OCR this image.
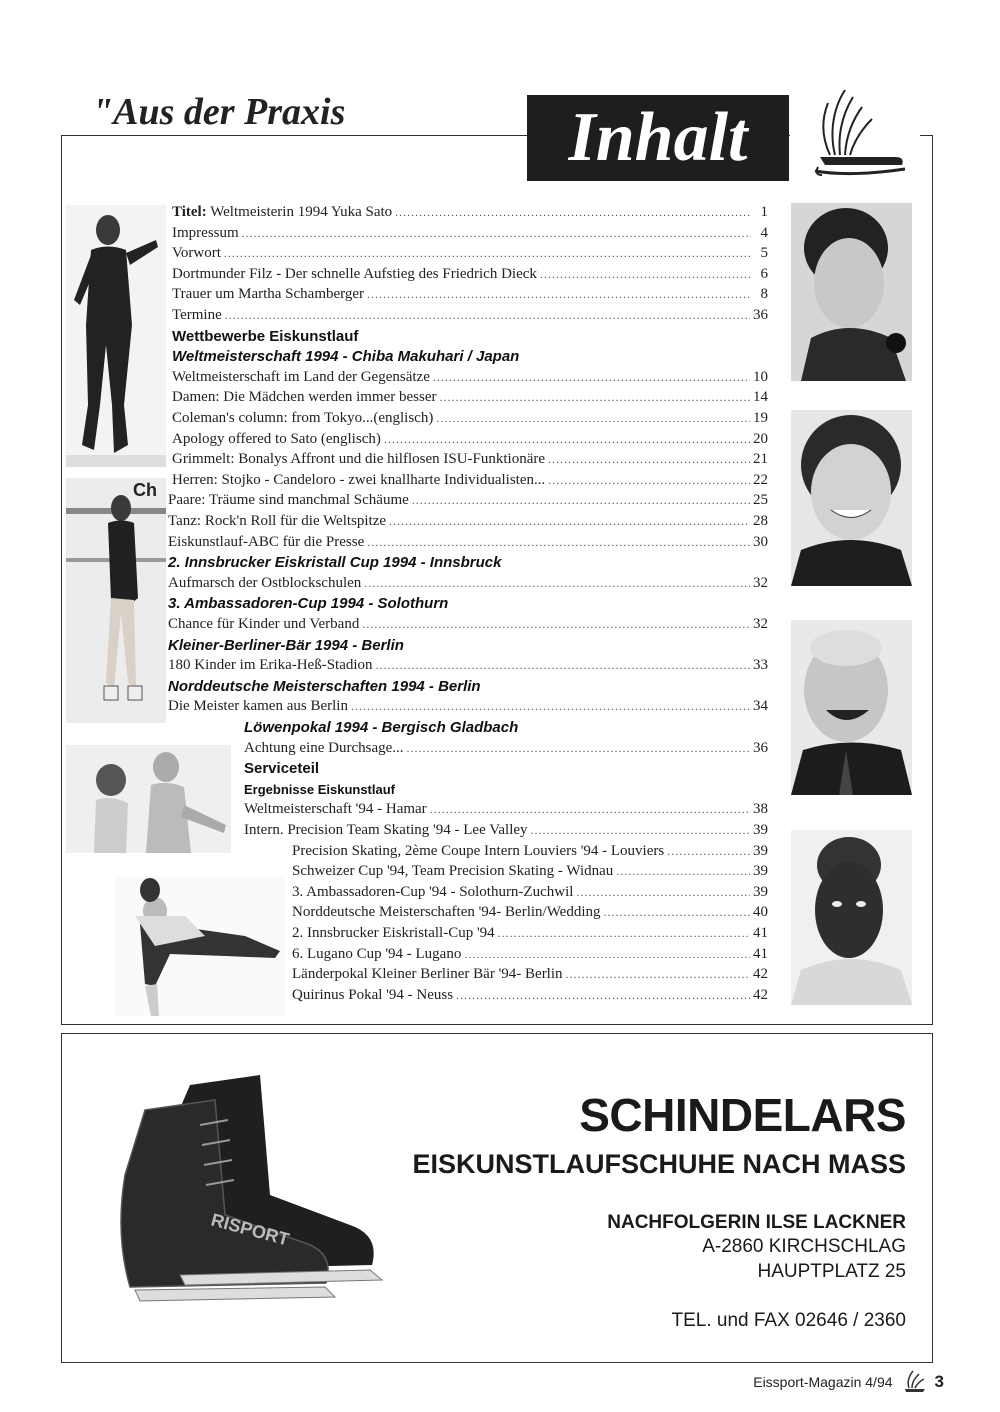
"Aus der Praxis	Inhalt
Ch
Titel: Weltmeisterin 1994 Yuka Sato .....	1
Impressum .....	4
Vorwort .....	5
Dortmunder Filz - Der schnelle Aufstieg des Friedrich Dieck .....	6
Trauer um Martha Schamberger .....	8
Termine .....	36
Wettbewerbe Eiskunstlauf
Weltmeisterschaft 1994 - Chiba Makuhari / Japan
Weltmeisterschaft im Land der Gegensätze .....	10
Damen: Die Mädchen werden immer besser .....	14
Coleman's column: from Tokyo...(englisch) .....	19
Apology offered to Sato (englisch) .....	20
Grimmelt: Bonalys Affront und die hilflosen ISU-Funktionäre .....	21
Herren: Stojko - Candeloro - zwei knallharte Individualisten... .....	22
Paare: Träume sind manchmal Schäume .....	25
Tanz: Rock'n Roll für die Weltspitze .....	28
Eiskunstlauf-ABC für die Presse .....	30
2. Innsbrucker Eiskristall Cup 1994 - Innsbruck
Aufmarsch der Ostblockschulen .....	32
3. Ambassadoren-Cup 1994 - Solothurn
Chance für Kinder und Verband .....	32
Kleiner-Berliner-Bär 1994 - Berlin
180 Kinder im Erika-Heß-Stadion .....	33
Norddeutsche Meisterschaften 1994 - Berlin
Die Meister kamen aus Berlin .....	34
Löwenpokal 1994 - Bergisch Gladbach
Achtung eine Durchsage... .....	36
Serviceteil
Ergebnisse Eiskunstlauf
Weltmeisterschaft '94 - Hamar .....	38
Intern. Precision Team Skating '94 - Lee Valley .....	39
Precision Skating, 2ème Coupe Intern Louviers '94 - Louviers .....	39
Schweizer Cup '94, Team Precision Skating - Widnau .....	39
3. Ambassadoren-Cup '94 - Solothurn-Zuchwil .....	39
Norddeutsche Meisterschaften '94- Berlin/Wedding .....	40
2. Innsbrucker Eiskristall-Cup '94 .....	41
6. Lugano Cup '94 - Lugano .....	41
Länderpokal Kleiner Berliner Bär '94- Berlin .....	42
Quirinus Pokal '94 - Neuss .....	42
RISPORT
SCHINDELARS
EISKUNSTLAUFSCHUHE NACH MASS
NACHFOLGERIN ILSE LACKNER
A-2860 KIRCHSCHLAG
HAUPTPLATZ 25
TEL. und FAX 02646 / 2360
Eissport-Magazin 4/94 3
